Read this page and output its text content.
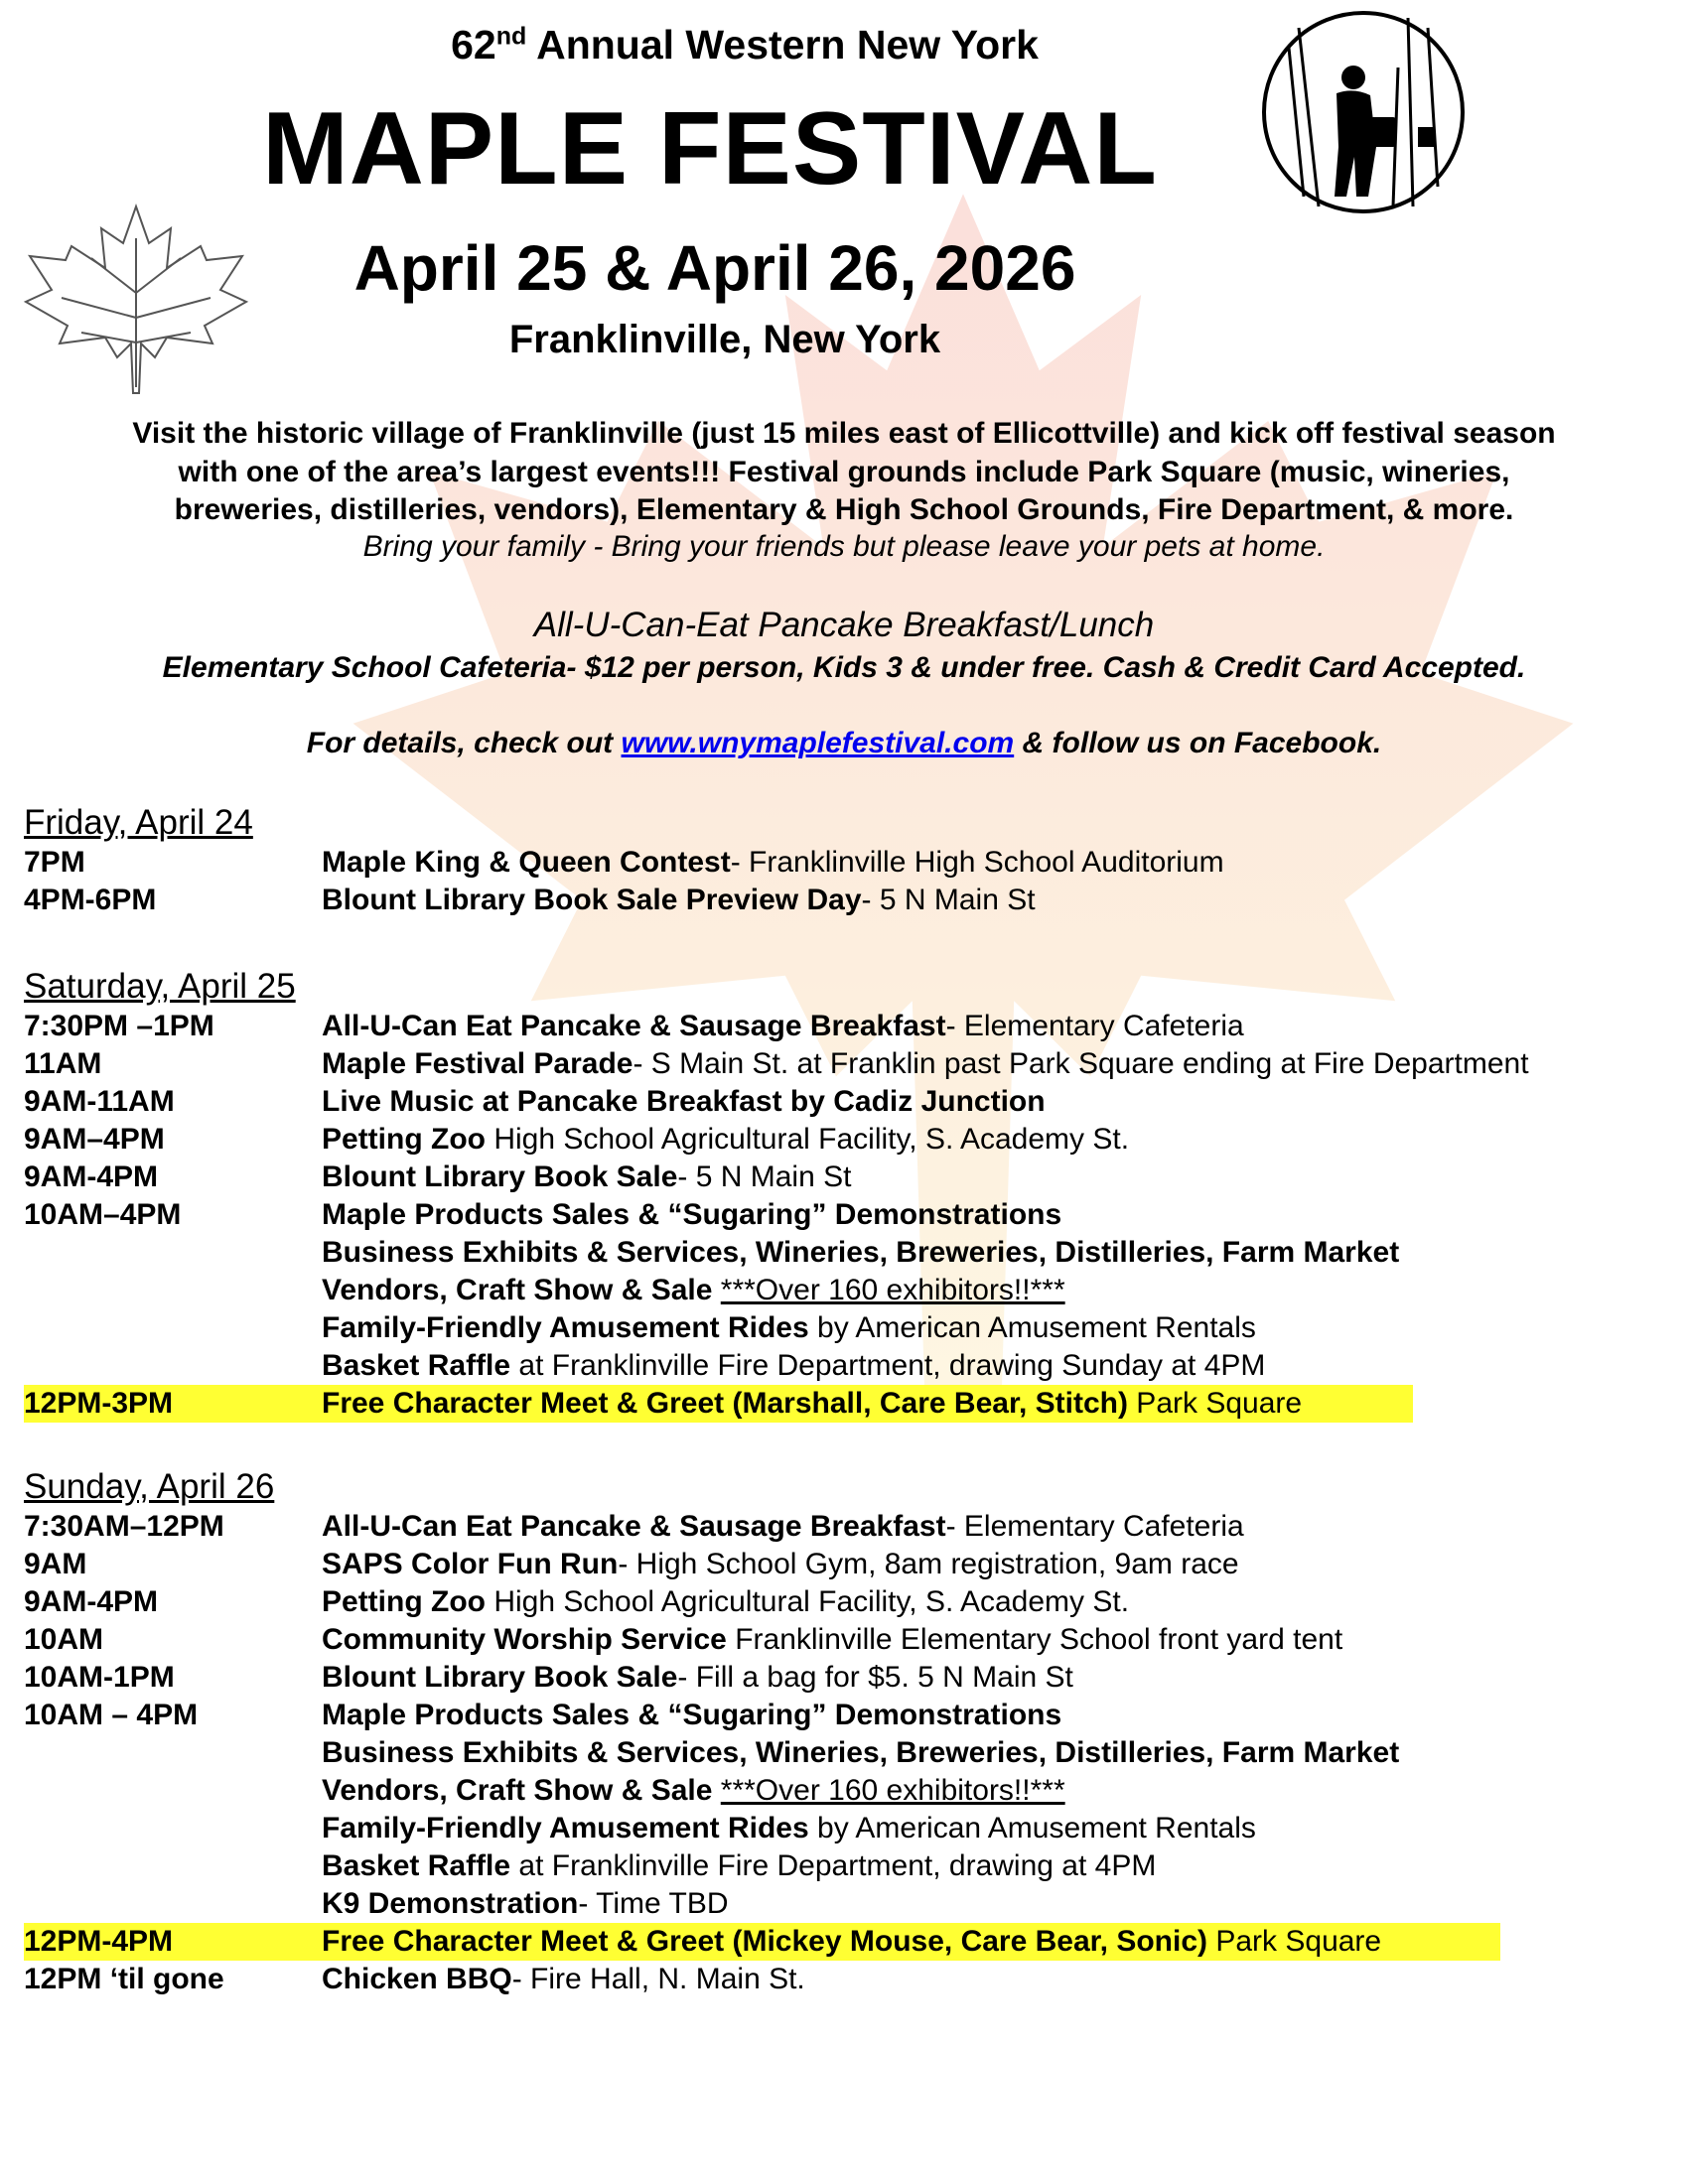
62nd Annual Western New York
MAPLE FESTIVAL
April 25 & April 26, 2026
Franklinville, New York
Visit the historic village of Franklinville (just 15 miles east of Ellicottville) and kick off festival season
with one of the area’s largest events!!! Festival grounds include Park Square (music, wineries,
breweries, distilleries, vendors), Elementary & High School Grounds, Fire Department, & more.
Bring your family - Bring your friends but please leave your pets at home.
All-U-Can-Eat Pancake Breakfast/Lunch
Elementary School Cafeteria- $12 per person, Kids 3 & under free. Cash & Credit Card Accepted.
For details, check out www.wnymaplefestival.com & follow us on Facebook.
Friday, April 24
7PM	Maple King & Queen Contest- Franklinville High School Auditorium
4PM-6PM	Blount Library Book Sale Preview Day- 5 N Main St
Saturday, April 25
7:30PM –1PM	All-U-Can Eat Pancake & Sausage Breakfast- Elementary Cafeteria
11AM	Maple Festival Parade- S Main St. at Franklin past Park Square ending at Fire Department
9AM-11AM	Live Music at Pancake Breakfast by Cadiz Junction
9AM–4PM	Petting Zoo High School Agricultural Facility, S. Academy St.
9AM-4PM	Blount Library Book Sale- 5 N Main St
10AM–4PM	Maple Products Sales & “Sugaring” Demonstrations
Business Exhibits & Services, Wineries, Breweries, Distilleries, Farm Market
Vendors, Craft Show & Sale ***Over 160 exhibitors!!***
Family-Friendly Amusement Rides by American Amusement Rentals
Basket Raffle at Franklinville Fire Department, drawing Sunday at 4PM
12PM-3PM	Free Character Meet & Greet (Marshall, Care Bear, Stitch) Park Square
Sunday, April 26
7:30AM–12PM	All-U-Can Eat Pancake & Sausage Breakfast- Elementary Cafeteria
9AM	SAPS Color Fun Run- High School Gym, 8am registration, 9am race
9AM-4PM	Petting Zoo High School Agricultural Facility, S. Academy St.
10AM	Community Worship Service Franklinville Elementary School front yard tent
10AM-1PM	Blount Library Book Sale- Fill a bag for $5. 5 N Main St
10AM – 4PM	Maple Products Sales & “Sugaring” Demonstrations
Business Exhibits & Services, Wineries, Breweries, Distilleries, Farm Market
Vendors, Craft Show & Sale ***Over 160 exhibitors!!***
Family-Friendly Amusement Rides by American Amusement Rentals
Basket Raffle at Franklinville Fire Department, drawing at 4PM
K9 Demonstration- Time TBD
12PM-4PM	Free Character Meet & Greet (Mickey Mouse, Care Bear, Sonic) Park Square
12PM ‘til gone	Chicken BBQ- Fire Hall, N. Main St.
